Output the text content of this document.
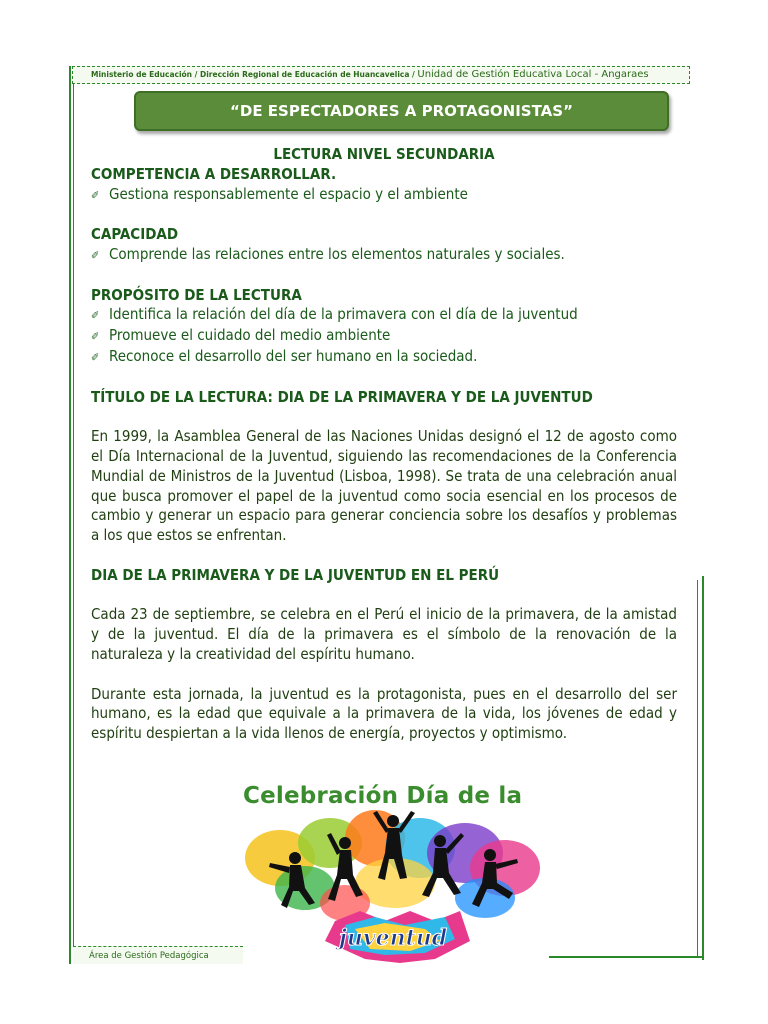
Ministerio de Educación / Dirección Regional de Educación de Huancavelica / Unidad de Gestión Educativa Local - Angaraes
“DE ESPECTADORES A PROTAGONISTAS”
LECTURA NIVEL SECUNDARIA
COMPETENCIA A DESARROLLAR.
✐ Gestiona responsablemente el espacio y el ambiente
CAPACIDAD
✐ Comprende las relaciones entre los elementos naturales y sociales.
PROPÓSITO DE LA LECTURA
✐ Identifica la relación del día de la primavera con el día de la juventud
✐ Promueve el cuidado del medio ambiente
✐ Reconoce el desarrollo del ser humano en la sociedad.
TÍTULO DE LA LECTURA: DIA DE LA PRIMAVERA Y DE LA JUVENTUD
En 1999, la Asamblea General de las Naciones Unidas designó el 12 de agosto como el Día Internacional de la Juventud, siguiendo las recomendaciones de la Conferencia Mundial de Ministros de la Juventud (Lisboa, 1998). Se trata de una celebración anual que busca promover el papel de la juventud como socia esencial en los procesos de cambio y generar un espacio para generar conciencia sobre los desafíos y problemas a los que estos se enfrentan.
DIA DE LA PRIMAVERA Y DE LA JUVENTUD EN EL PERÚ
Cada 23 de septiembre, se celebra en el Perú el inicio de la primavera, de la amistad y de la juventud. El día de la primavera es el símbolo de la renovación de la naturaleza y la creatividad del espíritu humano.
Durante esta jornada, la juventud es la protagonista, pues en el desarrollo del ser humano, es la edad que equivale a la primavera de la vida, los jóvenes de edad y espíritu despiertan a la vida llenos de energía, proyectos y optimismo.
Celebración Día de la
juventud
Área de Gestión Pedagógica
